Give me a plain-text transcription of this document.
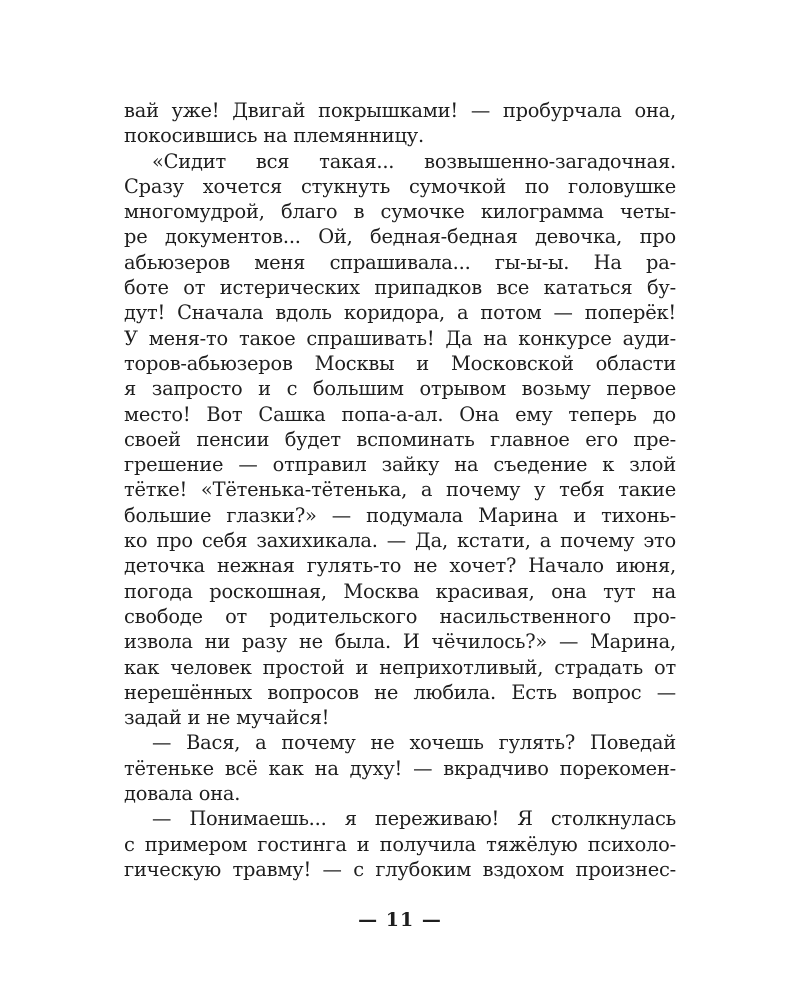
вай уже! Двигай покрышками! — пробурчала она,
покосившись на племянницу.
«Сидит вся такая... возвышенно-загадочная.
Сразу хочется стукнуть сумочкой по головушке
многомудрой, благо в сумочке килограмма четы-
ре документов... Ой, бедная-бедная девочка, про
абьюзеров меня спрашивала... гы-ы-ы. На ра-
боте от истерических припадков все кататься бу-
дут! Сначала вдоль коридора, а потом — поперёк!
У меня-то такое спрашивать! Да на конкурсе ауди-
торов-абьюзеров Москвы и Московской области
я запросто и с большим отрывом возьму первое
место! Вот Сашка попа-а-ал. Она ему теперь до
своей пенсии будет вспоминать главное его пре-
грешение — отправил зайку на съедение к злой
тётке! «Тётенька-тётенька, а почему у тебя такие
большие глазки?» — подумала Марина и тихонь-
ко про себя захихикала. — Да, кстати, а почему это
деточка нежная гулять-то не хочет? Начало июня,
погода роскошная, Москва красивая, она тут на
свободе от родительского насильственного про-
извола ни разу не была. И чёчилось?» — Марина,
как человек простой и неприхотливый, страдать от
нерешённых вопросов не любила. Есть вопрос —
задай и не мучайся!
— Вася, а почему не хочешь гулять? Поведай
тётеньке всё как на духу! — вкрадчиво порекомен-
довала она.
— Понимаешь... я переживаю! Я столкнулась
с примером гостинга и получила тяжёлую психоло-
гическую травму! — с глубоким вздохом произнес-
— 11 —
